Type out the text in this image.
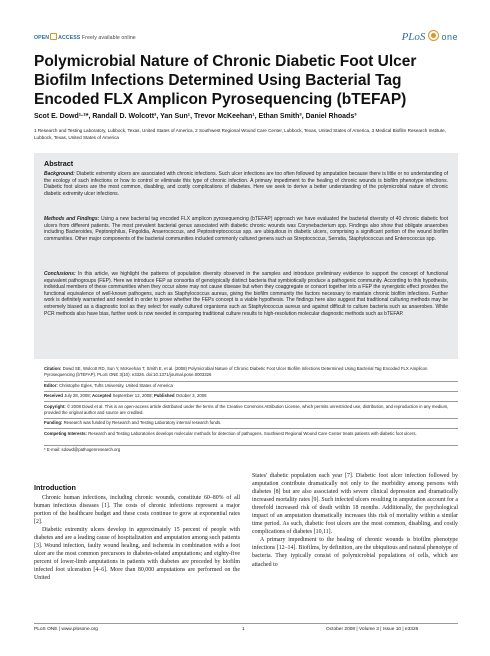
OPEN ACCESS Freely available online	PLoS one
Polymicrobial Nature of Chronic Diabetic Foot Ulcer Biofilm Infections Determined Using Bacterial Tag Encoded FLX Amplicon Pyrosequencing (bTEFAP)
Scot E. Dowd¹·²*, Randall D. Wolcott³, Yan Sun¹, Trevor McKeehan¹, Ethan Smith³, Daniel Rhoads³
1 Research and Testing Laboratory, Lubbock, Texas, United States of America, 2 Southwest Regional Wound Care Center, Lubbock, Texas, United States of America, 3 Medical Biofilm Research Institute, Lubbock, Texas, United States of America
Abstract

Background: Diabetic extremity ulcers are associated with chronic infections. Such ulcer infections are too often followed by amputation because there is little or no understanding of the ecology of such infections or how to control or eliminate this type of chronic infection. A primary impediment to the healing of chronic wounds is biofilm phenotype infections. Diabetic foot ulcers are the most common, disabling, and costly complications of diabetes. Here we seek to derive a better understanding of the polymicrobial nature of chronic diabetic extremity ulcer infections.

Methods and Findings: Using a new bacterial tag encoded FLX amplicon pyrosequencing (bTEFAP) approach we have evaluated the bacterial diversity of 40 chronic diabetic foot ulcers from different patients. The most prevalent bacterial genus associated with diabetic chronic wounds was Corynebacterium spp. Findings also show that obligate anaerobes including Bacteroides, Peptoniphilus, Fingoldia, Anaerococcus, and Peptostreptococcus spp. are ubiquitous in diabetic ulcers, comprising a significant portion of the wound biofilm communities. Other major components of the bacterial communities included commonly cultured genera such as Streptococcus, Serratia, Staphylococcus and Enterococcus spp.

Conclusions: In this article, we highlight the patterns of population diversity observed in the samples and introduce preliminary evidence to support the concept of functional equivalent pathogroups (FEP). Here we introduce FEP as consortia of genotypically distinct bacteria that symbiotically produce a pathogenic community. According to this hypothesis, individual members of these communities when they occur alone may not cause disease but when they coaggregate or consort together into a FEP the synergistic effect provides the functional equivalence of well-known pathogens, such as Staphylococcus aureus, giving the biofilm community the factors necessary to maintain chronic biofilm infections. Further work is definitely warranted and needed in order to prove whether the FEPs concept is a viable hypothesis. The findings here also suggest that traditional culturing methods may be extremely biased as a diagnostic tool as they select for easily cultured organisms such as Staphylococcus aureus and against difficult to culture bacteria such as anaerobes. While PCR methods also have bias, further work is now needed in comparing traditional culture results to high-resolution molecular diagnostic methods such as bTEFAP.

Citation: Dowd SE, Wolcott RD, Sun Y, McKeehan T, Smith E, et al. (2008) Polymicrobial Nature of Chronic Diabetic Foot Ulcer Biofilm Infections Determined Using Bacterial Tag Encoded FLX Amplicon Pyrosequencing (bTEFAP). PLoS ONE 3(10): e3326. doi:10.1371/journal.pone.0003326

Editor: Christophe Egles, Tufts University, United States of America

Received July 28, 2008; Accepted September 12, 2008; Published October 3, 2008

Copyright: © 2008 Dowd et al. This is an open-access article distributed under the terms of the Creative Commons Attribution License, which permits unrestricted use, distribution, and reproduction in any medium, provided the original author and source are credited.

Funding: Research was funded by Research and Testing Laboratory internal research funds.

Competing Interests: Research and Testing Laboratories develops molecular methods for detection of pathogens. Southwest Regional Wound Care Center treats patients with diabetic foot ulcers.

* E-mail: sdowd@pathogenresearch.org

Introduction

Chronic human infections, including chronic wounds, constitute 60–80% of all human infectious diseases [1]. The costs of chronic infections represent a major portion of the healthcare budget and these costs continue to grow at exponential rates [2].

Diabetic extremity ulcers develop in approximately 15 percent of people with diabetes and are a leading cause of hospitalization and amputation among such patients [3]. Wound infection, faulty wound healing, and ischemia in combination with a foot ulcer are the most common precursors to diabetes-related amputations; and eighty-five percent of lower-limb amputations in patients with diabetes are preceded by biofilm infected foot ulceration [4–6]. More than 80,000 amputations are performed on the United

States' diabetic population each year [7]. Diabetic foot ulcer infection followed by amputation contribute dramatically not only to the morbidity among persons with diabetes [8] but are also associated with severe clinical depression and dramatically increased mortality rates [9]. Such infected ulcers resulting in amputation account for a threefold increased risk of death within 18 months. Additionally, the psychological impact of an amputation dramatically increases this risk of mortality within a similar time period. As such, diabetic foot ulcers are the most common, disabling, and costly complications of diabetes [10,11].

A primary impediment to the healing of chronic wounds is biofilm phenotype infections [12–14]. Biofilms, by definition, are the ubiquitous and natural phenotype of bacteria. They typically consist of polymicrobial populations of cells, which are attached to

PLoS ONE | www.plosone.org	1	October 2008 | Volume 3 | Issue 10 | e3326
